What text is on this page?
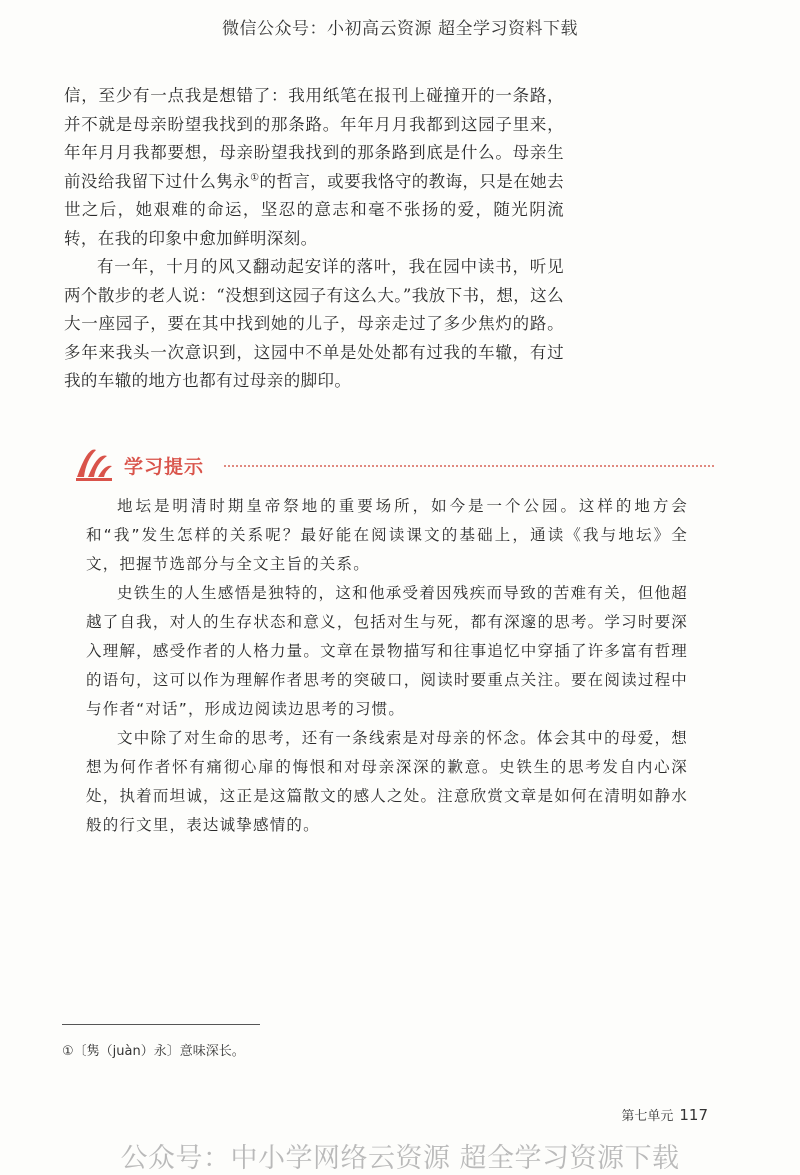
微信公众号：小初高云资源 超全学习资料下载

信，至少有一点我是想错了：我用纸笔在报刊上碰撞开的一条路，并不就是母亲盼望我找到的那条路。年年月月我都到这园子里来，年年月月我都要想，母亲盼望我找到的那条路到底是什么。母亲生前没给我留下过什么隽永①的哲言，或要我恪守的教诲，只是在她去世之后，她艰难的命运，坚忍的意志和毫不张扬的爱，随光阴流转，在我的印象中愈加鲜明深刻。

有一年，十月的风又翻动起安详的落叶，我在园中读书，听见两个散步的老人说：“没想到这园子有这么大。”我放下书，想，这么大一座园子，要在其中找到她的儿子，母亲走过了多少焦灼的路。多年来我头一次意识到，这园中不单是处处都有过我的车辙，有过我的车辙的地方也都有过母亲的脚印。

学习提示

地坛是明清时期皇帝祭地的重要场所，如今是一个公园。这样的地方会和“我”发生怎样的关系呢？最好能在阅读课文的基础上，通读《我与地坛》全文，把握节选部分与全文主旨的关系。

史铁生的人生感悟是独特的，这和他承受着因残疾而导致的苦难有关，但他超越了自我，对人的生存状态和意义，包括对生与死，都有深邃的思考。学习时要深入理解，感受作者的人格力量。文章在景物描写和往事追忆中穿插了许多富有哲理的语句，这可以作为理解作者思考的突破口，阅读时要重点关注。要在阅读过程中与作者“对话”，形成边阅读边思考的习惯。

文中除了对生命的思考，还有一条线索是对母亲的怀念。体会其中的母爱，想想为何作者怀有痛彻心扉的悔恨和对母亲深深的歉意。史铁生的思考发自内心深处，执着而坦诚，这正是这篇散文的感人之处。注意欣赏文章是如何在清明如静水般的行文里，表达诚挚感情的。

①〔隽（juàn）永〕意味深长。
第七单元 117
公众号：中小学网络云资源 超全学习资源下载
